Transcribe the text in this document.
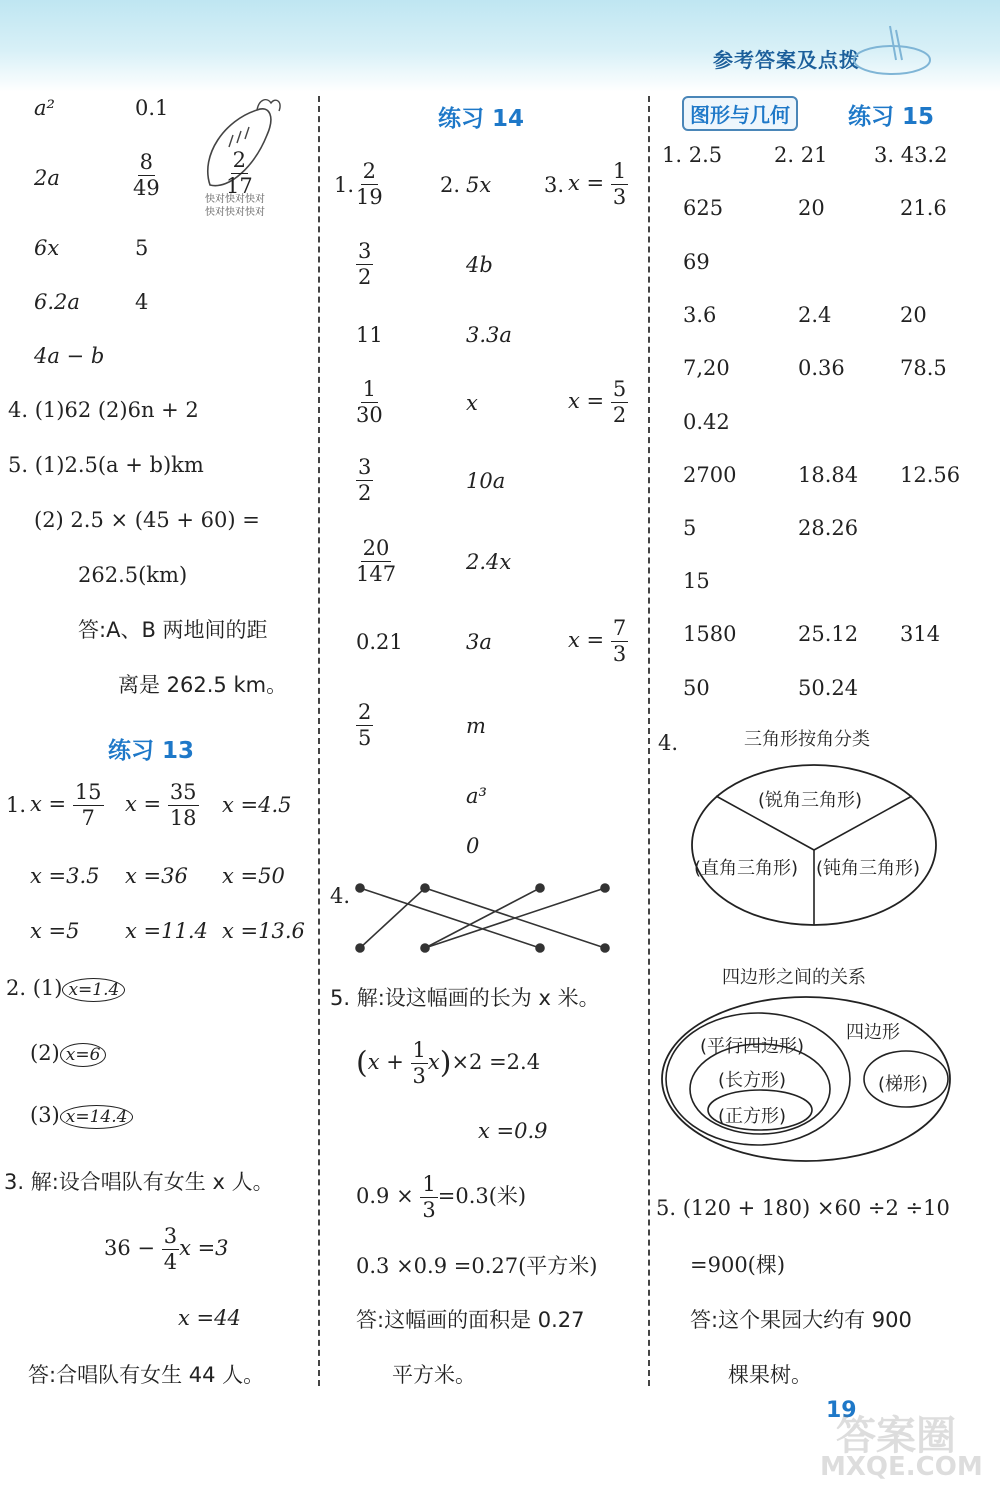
参考答案及点拨
$\frac{2}{17}$
快对快对快对
快对快对快对
a²	0.1
2a	$\frac{8}{49}$
6x	5
6.2a	4
4a − b
4. (1)62 (2)6n + 2
5. (1)2.5(a + b)km
(2) 2.5 × (45 + 60) =
262.5(km)
答:A、B 两地间的距
离是 262.5 km。
练习 13
1. $x = \frac{15}{7}$ $x = \frac{35}{18}$ x =4.5
x =3.5 x =36 x =50
x =5 x =11.4 x =13.6
2. (1) x=1.4
(2) x=6
(3) x=14.4
3. 解:设合唱队有女生 x 人。
$36 - \frac{3}{4}$ x =3
x =44
答:合唱队有女生 44 人。
练习 14
1.	2.	3.
$\frac{2}{19}$	5x	$x = \frac{1}{3}$
$\frac{3}{2}$	4b
11	3.3a
$\frac{1}{30}$	x	$x = \frac{5}{2}$
$\frac{3}{2}$	10a
$\frac{20}{147}$	2.4x
0.21	3a	$x = \frac{7}{3}$
$\frac{2}{5}$	m
a³
0
4.
5. 解:设这幅画的长为 x 米。
$(x + \frac{1}{3} x)\times 2 =2.4$
x =0.9
$0.9 \times \frac{1}{3} =0.3$(米)
0.3 ×0.9 =0.27(平方米)
答:这幅画的面积是 0.27
平方米。
图形与几何	练习 15
1. 2.5 2. 21 3. 43.2
625	20	21.6
69
3.6	2.4	20
7,20	0.36	78.5
0.42
2700	18.84 12.56
5	28.26
15
1580	25.12 314
50	50.24
4.	三角形按角分类
(锐角三角形)
(直角三角形) (钝角三角形)
四边形之间的关系
四边形
(平行四边形)
(长方形)
(正方形)
(梯形)
5. (120 + 180) ×60 ÷2 ÷10
=900(棵)
答:这个果园大约有 900
棵果树。
19
答案圈
MXQE.COM
